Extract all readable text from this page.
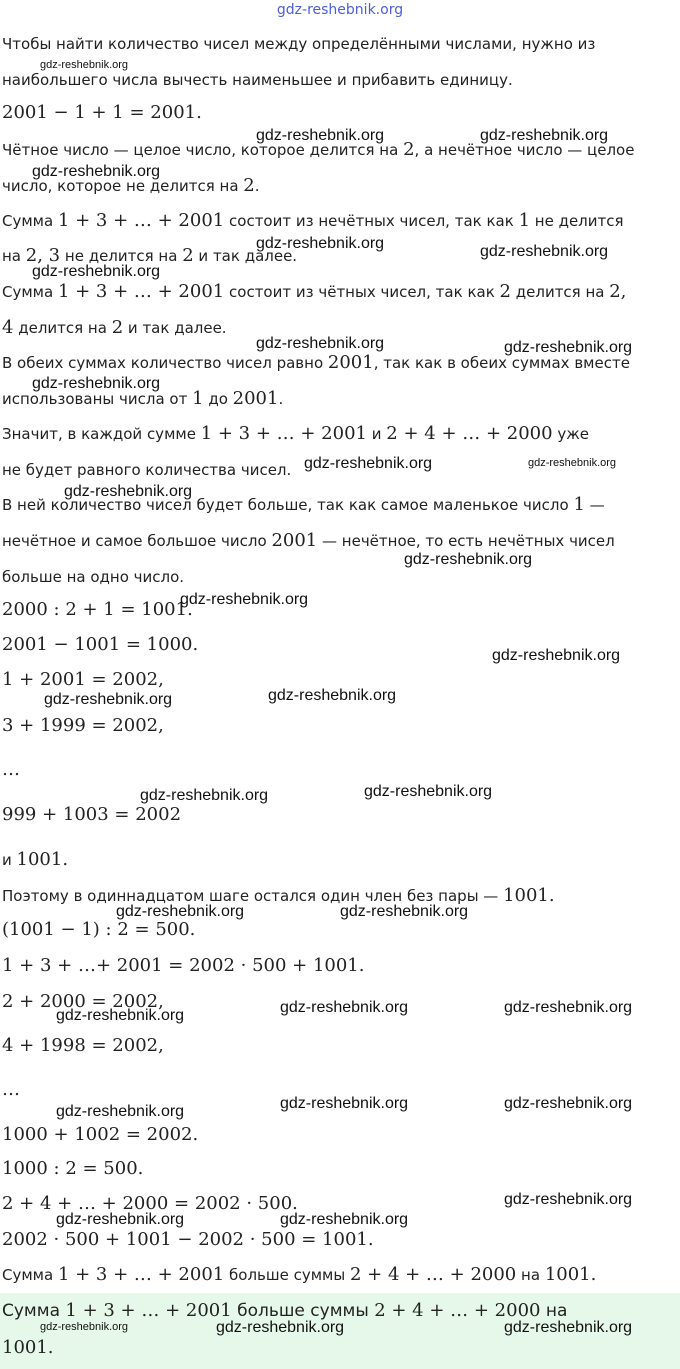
gdz-reshebnik.org
Чтобы найти количество чисел между определёнными числами, нужно из
наибольшего числа вычесть наименьшее и прибавить единицу.
2001 − 1 + 1 = 2001.
Чётное число — целое число, которое делится на 2, а нечётное число — целое
число, которое не делится на 2.
Сумма 1 + 3 + … + 2001 состоит из нечётных чисел, так как 1 не делится
на 2, 3 не делится на 2 и так далее.
Сумма 1 + 3 + … + 2001 состоит из чётных чисел, так как 2 делится на 2,
4 делится на 2 и так далее.
В обеих суммах количество чисел равно 2001, так как в обеих суммах вместе
использованы числа от 1 до 2001.
Значит, в каждой сумме 1 + 3 + … + 2001 и 2 + 4 + … + 2000 уже
не будет равного количества чисел.
В ней количество чисел будет больше, так как самое маленькое число 1 —
нечётное и самое большое число 2001 — нечётное, то есть нечётных чисел
больше на одно число.
2000 : 2 + 1 = 1001.
2001 − 1001 = 1000.
1 + 2001 = 2002,
3 + 1999 = 2002,
…
999 + 1003 = 2002
и 1001.
Поэтому в одиннадцатом шаге остался один член без пары — 1001.
(1001 − 1) : 2 = 500.
1 + 3 + …+ 2001 = 2002 · 500 + 1001.
2 + 2000 = 2002,
4 + 1998 = 2002,
…
1000 + 1002 = 2002.
1000 : 2 = 500.
2 + 4 + … + 2000 = 2002 · 500.
2002 · 500 + 1001 − 2002 · 500 = 1001.
Сумма 1 + 3 + … + 2001 больше суммы 2 + 4 + … + 2000 на 1001.
Сумма 1 + 3 + … + 2001 больше суммы 2 + 4 + … + 2000 на
1001.
gdz-reshebnik.org
gdz-reshebnik.org	gdz-reshebnik.org
gdz-reshebnik.org
gdz-reshebnik.org	gdz-reshebnik.org
gdz-reshebnik.org
gdz-reshebnik.org	gdz-reshebnik.org
gdz-reshebnik.org
gdz-reshebnik.org	gdz-reshebnik.org
gdz-reshebnik.org
gdz-reshebnik.org
gdz-reshebnik.org
gdz-reshebnik.org
gdz-reshebnik.org	gdz-reshebnik.org
gdz-reshebnik.org	gdz-reshebnik.org
gdz-reshebnik.org	gdz-reshebnik.org
gdz-reshebnik.org	gdz-reshebnik.org	gdz-reshebnik.org
gdz-reshebnik.org	gdz-reshebnik.org	gdz-reshebnik.org
gdz-reshebnik.org
gdz-reshebnik.org	gdz-reshebnik.org
gdz-reshebnik.org	gdz-reshebnik.org	gdz-reshebnik.org
